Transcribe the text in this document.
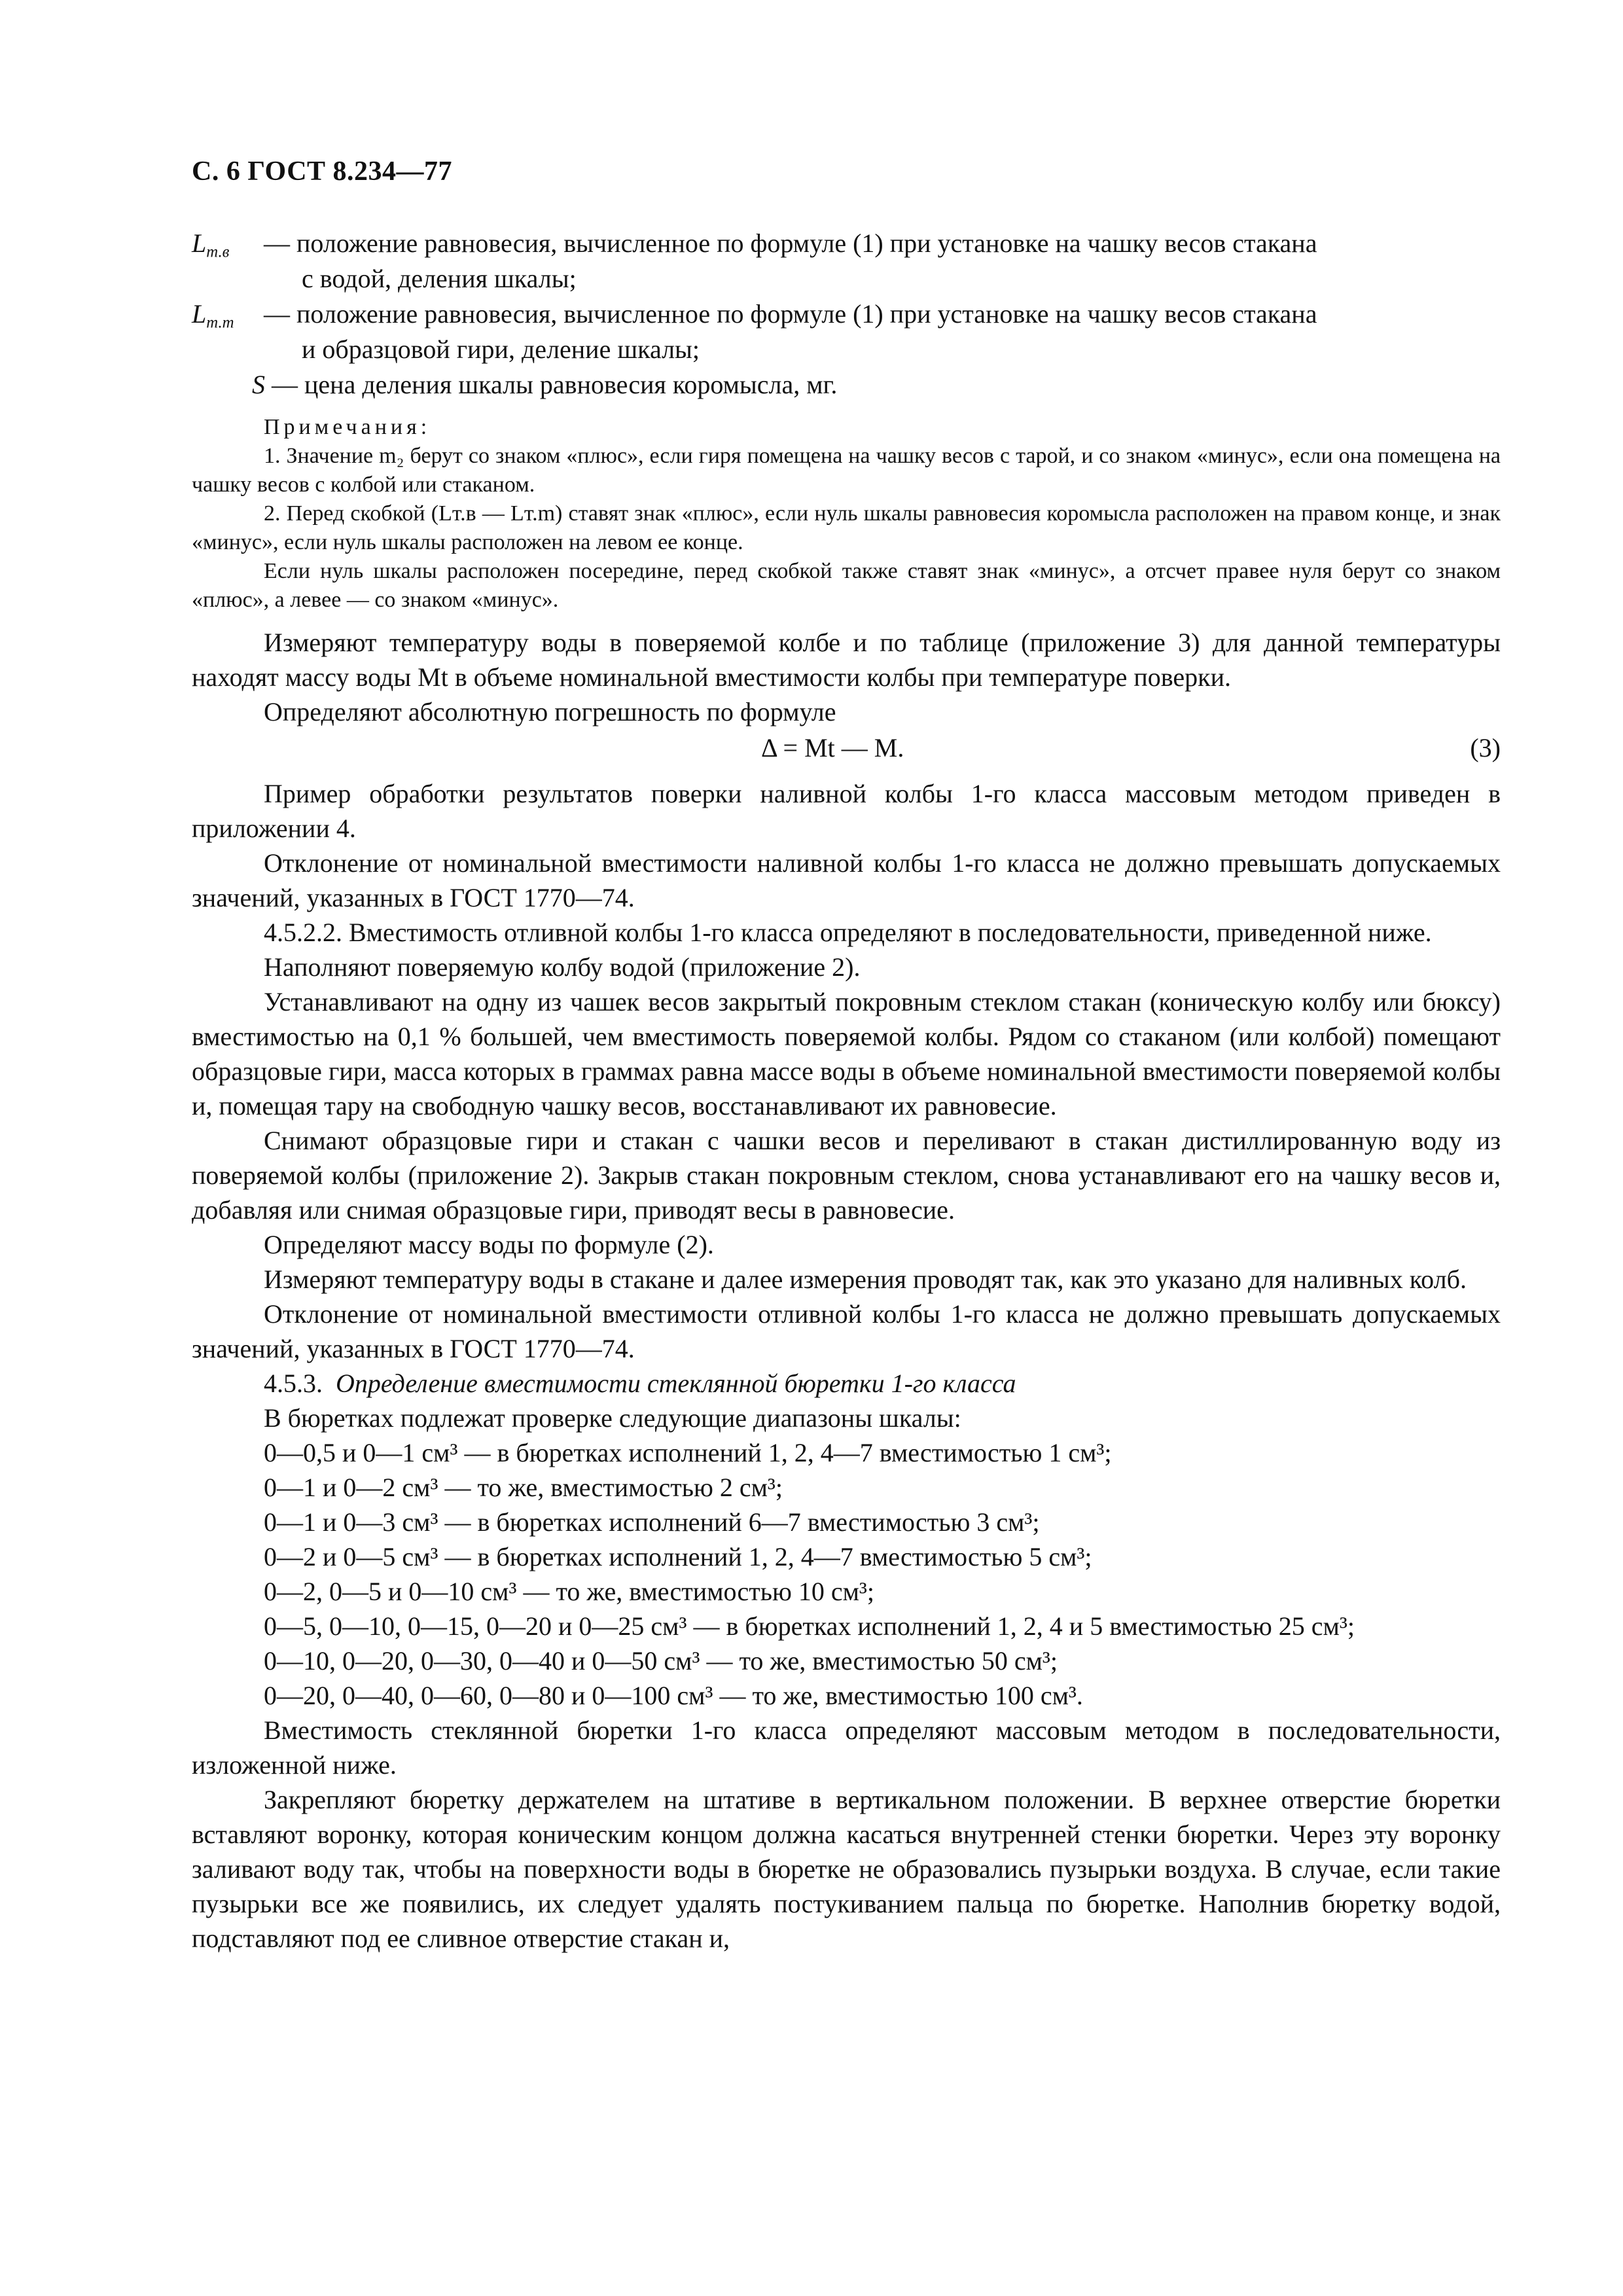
С. 6 ГОСТ 8.234—77
$L_{т.в}$ — положение равновесия, вычисленное по формуле (1) при установке на чашку весов стакана
с водой, деления шкалы;
$L_{т.m}$ — положение равновесия, вычисленное по формуле (1) при установке на чашку весов стакана
и образцовой гири, деление шкалы;
S — цена деления шкалы равновесия коромысла, мг.
Примечания:

1. Значение m₂ берут со знаком «плюс», если гиря помещена на чашку весов с тарой, и со знаком «минус», если она помещена на чашку весов с колбой или стаканом.

2. Перед скобкой (Lт.в — Lт.m) ставят знак «плюс», если нуль шкалы равновесия коромысла расположен на правом конце, и знак «минус», если нуль шкалы расположен на левом ее конце.

Если нуль шкалы расположен посередине, перед скобкой также ставят знак «минус», а отсчет правее нуля берут со знаком «плюс», а левее — со знаком «минус».

Измеряют температуру воды в поверяемой колбе и по таблице (приложение 3) для данной температуры находят массу воды Mt в объеме номинальной вместимости колбы при температуре поверки.

Определяют абсолютную погрешность по формуле

Δ = Mt — M.	(3)

Пример обработки результатов поверки наливной колбы 1-го класса массовым методом приведен в приложении 4.

Отклонение от номинальной вместимости наливной колбы 1-го класса не должно превышать допускаемых значений, указанных в ГОСТ 1770—74.

4.5.2.2. Вместимость отливной колбы 1-го класса определяют в последовательности, приведенной ниже.

Наполняют поверяемую колбу водой (приложение 2).

Устанавливают на одну из чашек весов закрытый покровным стеклом стакан (коническую колбу или бюксу) вместимостью на 0,1 % большей, чем вместимость поверяемой колбы. Рядом со стаканом (или колбой) помещают образцовые гири, масса которых в граммах равна массе воды в объеме номинальной вместимости поверяемой колбы и, помещая тару на свободную чашку весов, восстанавливают их равновесие.

Снимают образцовые гири и стакан с чашки весов и переливают в стакан дистиллированную воду из поверяемой колбы (приложение 2). Закрыв стакан покровным стеклом, снова устанавливают его на чашку весов и, добавляя или снимая образцовые гири, приводят весы в равновесие.

Определяют массу воды по формуле (2).

Измеряют температуру воды в стакане и далее измерения проводят так, как это указано для наливных колб.

Отклонение от номинальной вместимости отливной колбы 1-го класса не должно превышать допускаемых значений, указанных в ГОСТ 1770—74.

4.5.3. Определение вместимости стеклянной бюретки 1-го класса

В бюретках подлежат проверке следующие диапазоны шкалы:

0—0,5 и 0—1 см³ — в бюретках исполнений 1, 2, 4—7 вместимостью 1 см³;

0—1 и 0—2 см³ — то же, вместимостью 2 см³;

0—1 и 0—3 см³ — в бюретках исполнений 6—7 вместимостью 3 см³;

0—2 и 0—5 см³ — в бюретках исполнений 1, 2, 4—7 вместимостью 5 см³;

0—2, 0—5 и 0—10 см³ — то же, вместимостью 10 см³;

0—5, 0—10, 0—15, 0—20 и 0—25 см³ — в бюретках исполнений 1, 2, 4 и 5 вместимостью 25 см³;

0—10, 0—20, 0—30, 0—40 и 0—50 см³ — то же, вместимостью 50 см³;

0—20, 0—40, 0—60, 0—80 и 0—100 см³ — то же, вместимостью 100 см³.

Вместимость стеклянной бюретки 1-го класса определяют массовым методом в последовательности, изложенной ниже.

Закрепляют бюретку держателем на штативе в вертикальном положении. В верхнее отверстие бюретки вставляют воронку, которая коническим концом должна касаться внутренней стенки бюретки. Через эту воронку заливают воду так, чтобы на поверхности воды в бюретке не образовались пузырьки воздуха. В случае, если такие пузырьки все же появились, их следует удалять постукиванием пальца по бюретке. Наполнив бюретку водой, подставляют под ее сливное отверстие стакан и,
